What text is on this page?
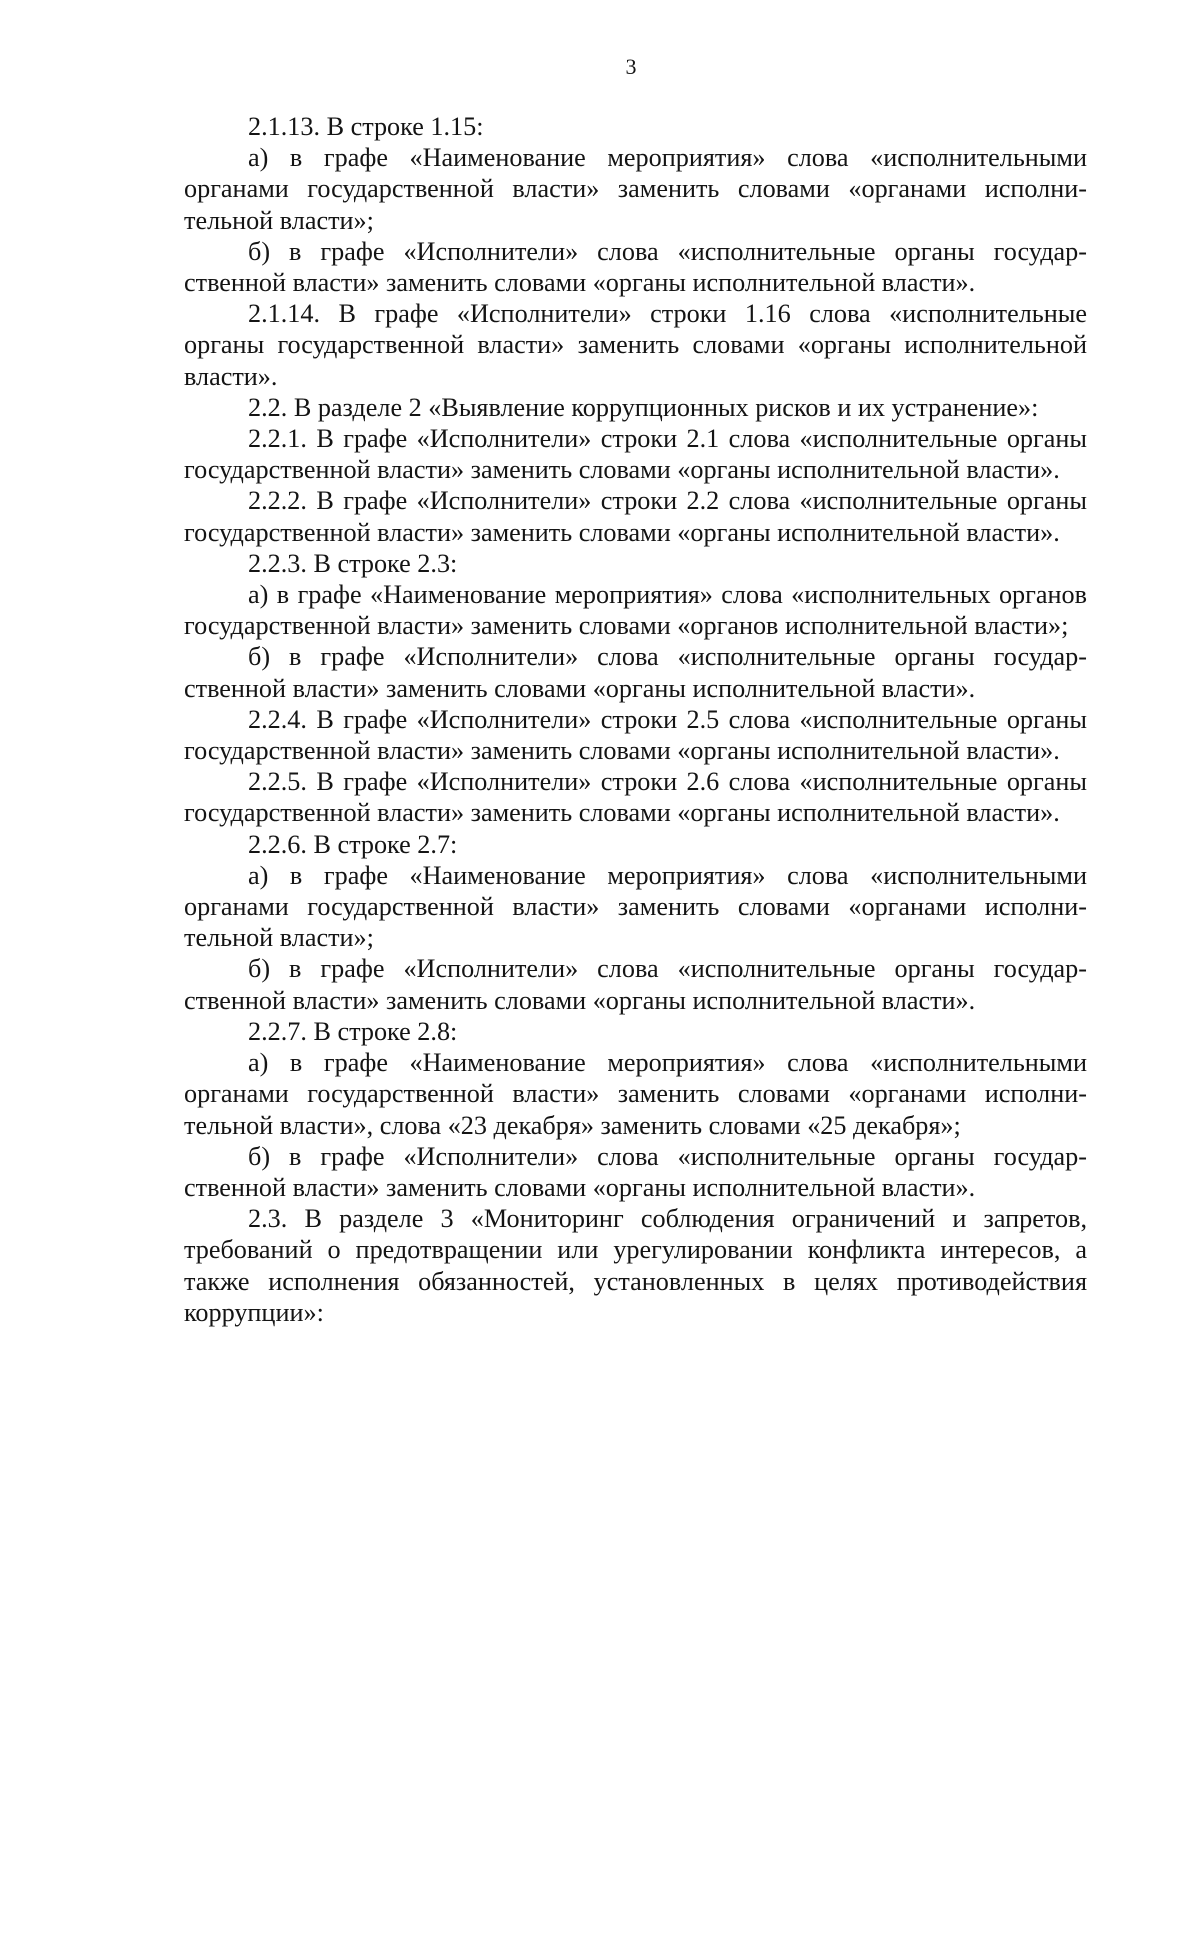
3

2.1.13. В строке 1.15:

а) в графе «Наименование мероприятия» слова «исполнительными органами государственной власти» заменить словами «органами исполнительной власти»;

б) в графе «Исполнители» слова «исполнительные органы государственной власти» заменить словами «органы исполнительной власти».

2.1.14. В графе «Исполнители» строки 1.16 слова «исполнительные органы государственной власти» заменить словами «органы исполнительной власти».

2.2. В разделе 2 «Выявление коррупционных рисков и их устранение»:

2.2.1. В графе «Исполнители» строки 2.1 слова «исполнительные органы государственной власти» заменить словами «органы исполнительной власти».

2.2.2. В графе «Исполнители» строки 2.2 слова «исполнительные органы государственной власти» заменить словами «органы исполнительной власти».

2.2.3. В строке 2.3:

а) в графе «Наименование мероприятия» слова «исполнительных органов государственной власти» заменить словами «органов исполнительной власти»;

б) в графе «Исполнители» слова «исполнительные органы государственной власти» заменить словами «органы исполнительной власти».

2.2.4. В графе «Исполнители» строки 2.5 слова «исполнительные органы государственной власти» заменить словами «органы исполнительной власти».

2.2.5. В графе «Исполнители» строки 2.6 слова «исполнительные органы государственной власти» заменить словами «органы исполнительной власти».

2.2.6. В строке 2.7:

а) в графе «Наименование мероприятия» слова «исполнительными органами государственной власти» заменить словами «органами исполнительной власти»;

б) в графе «Исполнители» слова «исполнительные органы государственной власти» заменить словами «органы исполнительной власти».

2.2.7. В строке 2.8:

а) в графе «Наименование мероприятия» слова «исполнительными органами государственной власти» заменить словами «органами исполнительной власти», слова «23 декабря» заменить словами «25 декабря»;

б) в графе «Исполнители» слова «исполнительные органы государственной власти» заменить словами «органы исполнительной власти».

2.3. В разделе 3 «Мониторинг соблюдения ограничений и запретов, требований о предотвращении или урегулировании конфликта интересов, а также исполнения обязанностей, установленных в целях противодействия коррупции»:
